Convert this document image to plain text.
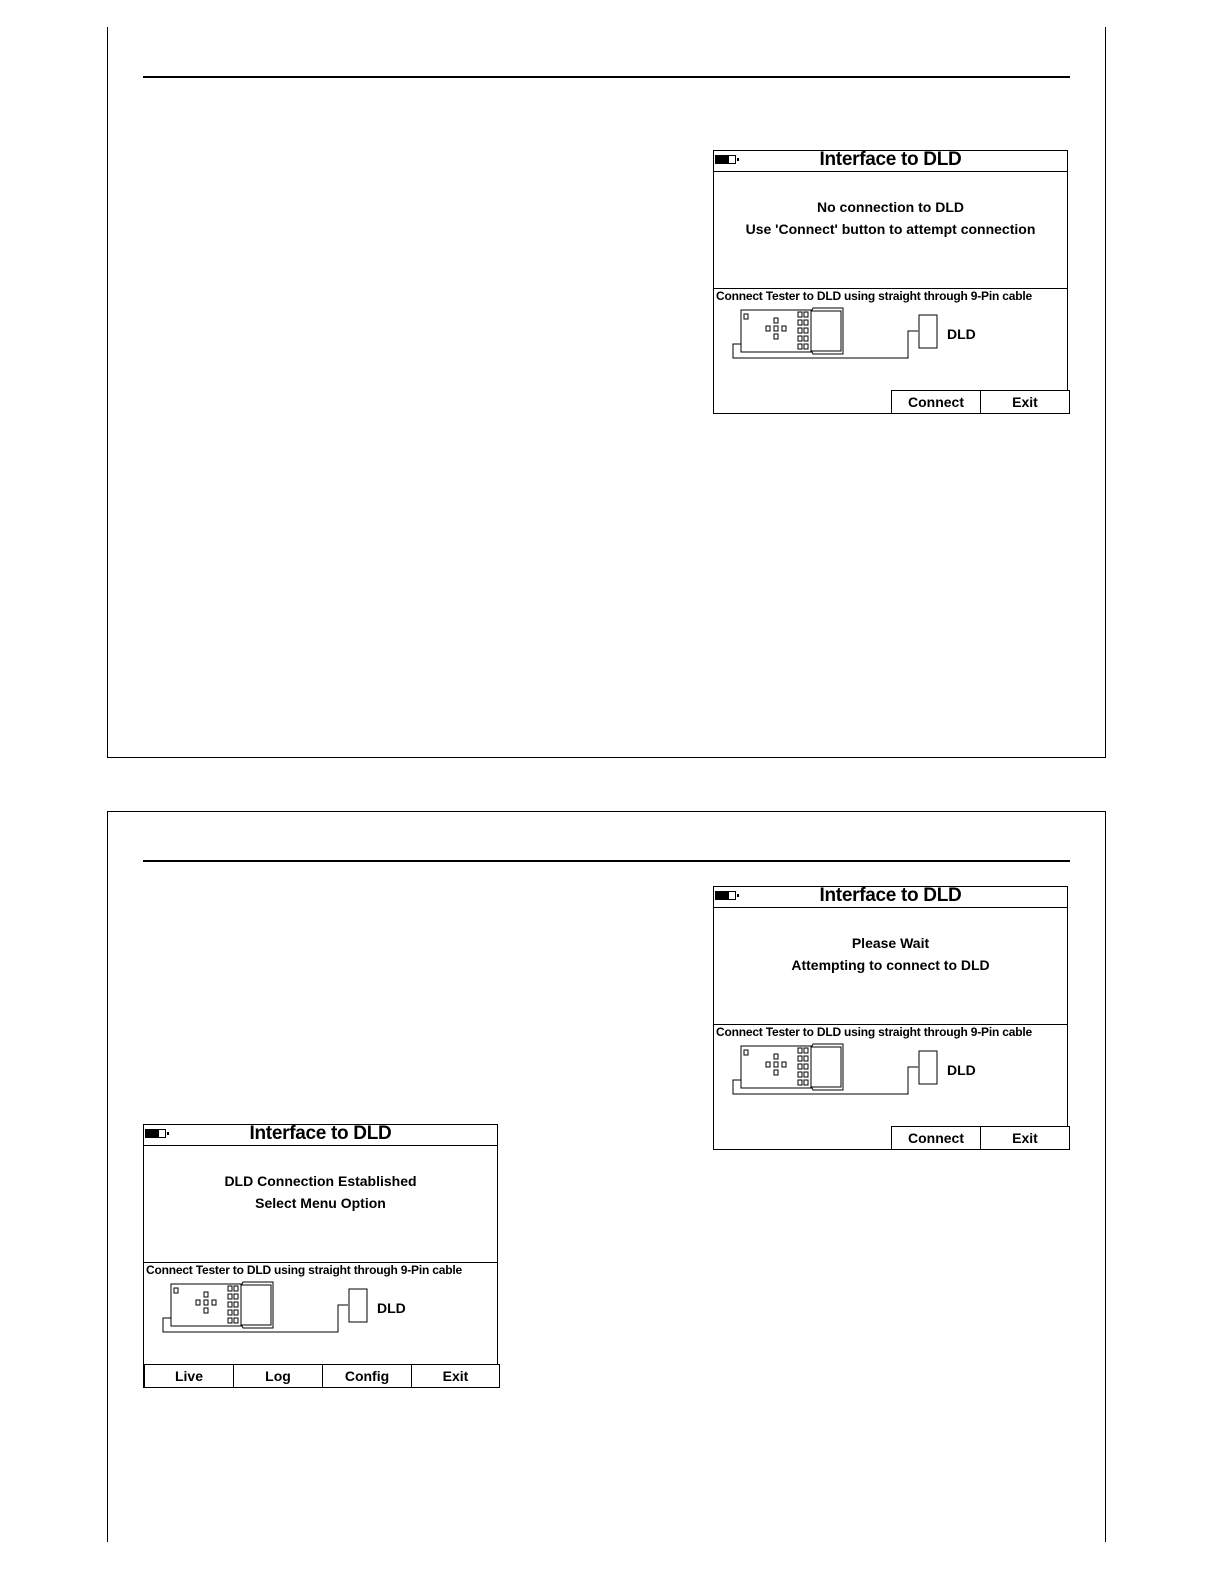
Interface to DLD
No connection to DLD
Use 'Connect' button to attempt connection
Connect Tester to DLD using straight through 9-Pin cable
DLD
Connect	Exit
Interface to DLD
Please Wait
Attempting to connect to DLD
Connect Tester to DLD using straight through 9-Pin cable
DLD
Connect	Exit
Interface to DLD
DLD Connection Established
Select Menu Option
Connect Tester to DLD using straight through 9-Pin cable
DLD
Live	Log	Config	Exit
